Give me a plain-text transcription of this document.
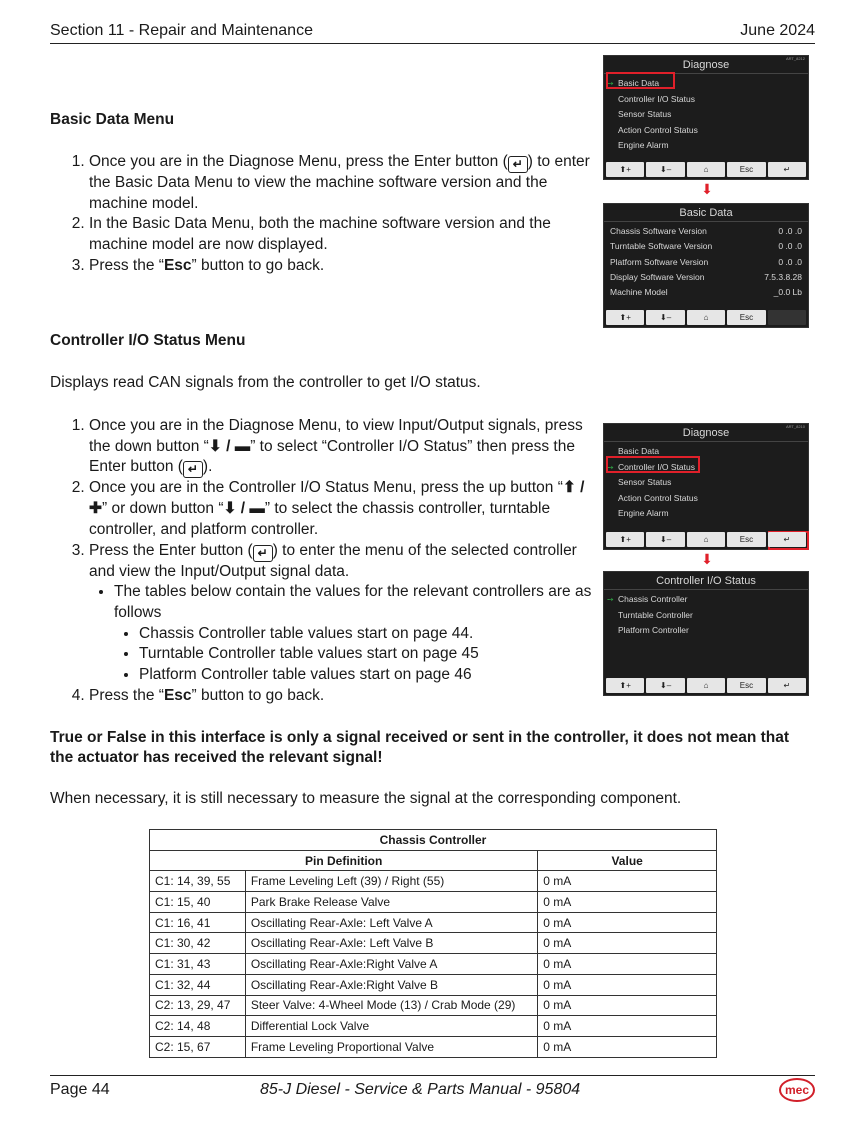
Section 11 - Repair and Maintenance	June 2024
Basic Data Menu
1. Once you are in the Diagnose Menu, press the Enter button ( ↵ ) to enter the Basic Data Menu to view the machine software version and the machine model.
2. In the Basic Data Menu, both the machine software version and the machine model are now displayed.
3. Press the “Esc” button to go back.
Diagnose
ART_8212
➙ Basic Data
Controller I/O Status
Sensor Status
Action Control Status
Engine Alarm
⬆+	⬇–	⌂	Esc	↵
⬇
Basic Data
Chassis Software Version	0 .0 .0
Turntable Software Version	0 .0 .0
Platform Software Version	0 .0 .0
Display Software Version	7.5.3.8.28
Machine Model	_0.0 Lb
⬆+	⬇–	⌂	Esc
Controller I/O Status Menu
Displays read CAN signals from the controller to get I/O status.
1. Once you are in the Diagnose Menu, to view Input/Output signals, press the down button “⬇ / ▬” to select “Controller I/O Status” then press the Enter button ( ↵ ).
2. Once you are in the Controller I/O Status Menu, press the up button “⬆ / ✚” or down button “⬇ / ▬” to select the chassis controller, turntable controller, and platform controller.
3. Press the Enter button ( ↵ ) to enter the menu of the selected controller and view the Input/Output signal data.
• The tables below contain the values for the relevant controllers are as follows
• Chassis Controller table values start on page 44.
• Turntable Controller table values start on page 45
• Platform Controller table values start on page 46
4. Press the “Esc” button to go back.
Diagnose
ART_8210
Basic Data
➙ Controller I/O Status
Sensor Status
Action Control Status
Engine Alarm
⬆+	⬇–	⌂	Esc	↵
⬇
Controller I/O Status
➙ Chassis Controller
Turntable Controller
Platform Controller
⬆+	⬇–	⌂	Esc	↵
True or False in this interface is only a signal received or sent in the controller, it does not mean that the actuator has received the relevant signal!
When necessary, it is still necessary to measure the signal at the corresponding component.
Chassis Controller		
Pin Definition		Value
C1: 14, 39, 55	Frame Leveling Left (39) / Right (55)	0 mA
C1: 15, 40	Park Brake Release Valve	0 mA
C1: 16, 41	Oscillating Rear-Axle: Left Valve A	0 mA
C1: 30, 42	Oscillating Rear-Axle: Left Valve B	0 mA
C1: 31, 43	Oscillating Rear-Axle:Right Valve A	0 mA
C1: 32, 44	Oscillating Rear-Axle:Right Valve B	0 mA
C2: 13, 29, 47	Steer Valve: 4-Wheel Mode (13) / Crab Mode (29)	0 mA
C2: 14, 48	Differential Lock Valve	0 mA
C2: 15, 67	Frame Leveling Proportional Valve	0 mA
Page 44	85-J Diesel - Service & Parts Manual - 95804	mec
